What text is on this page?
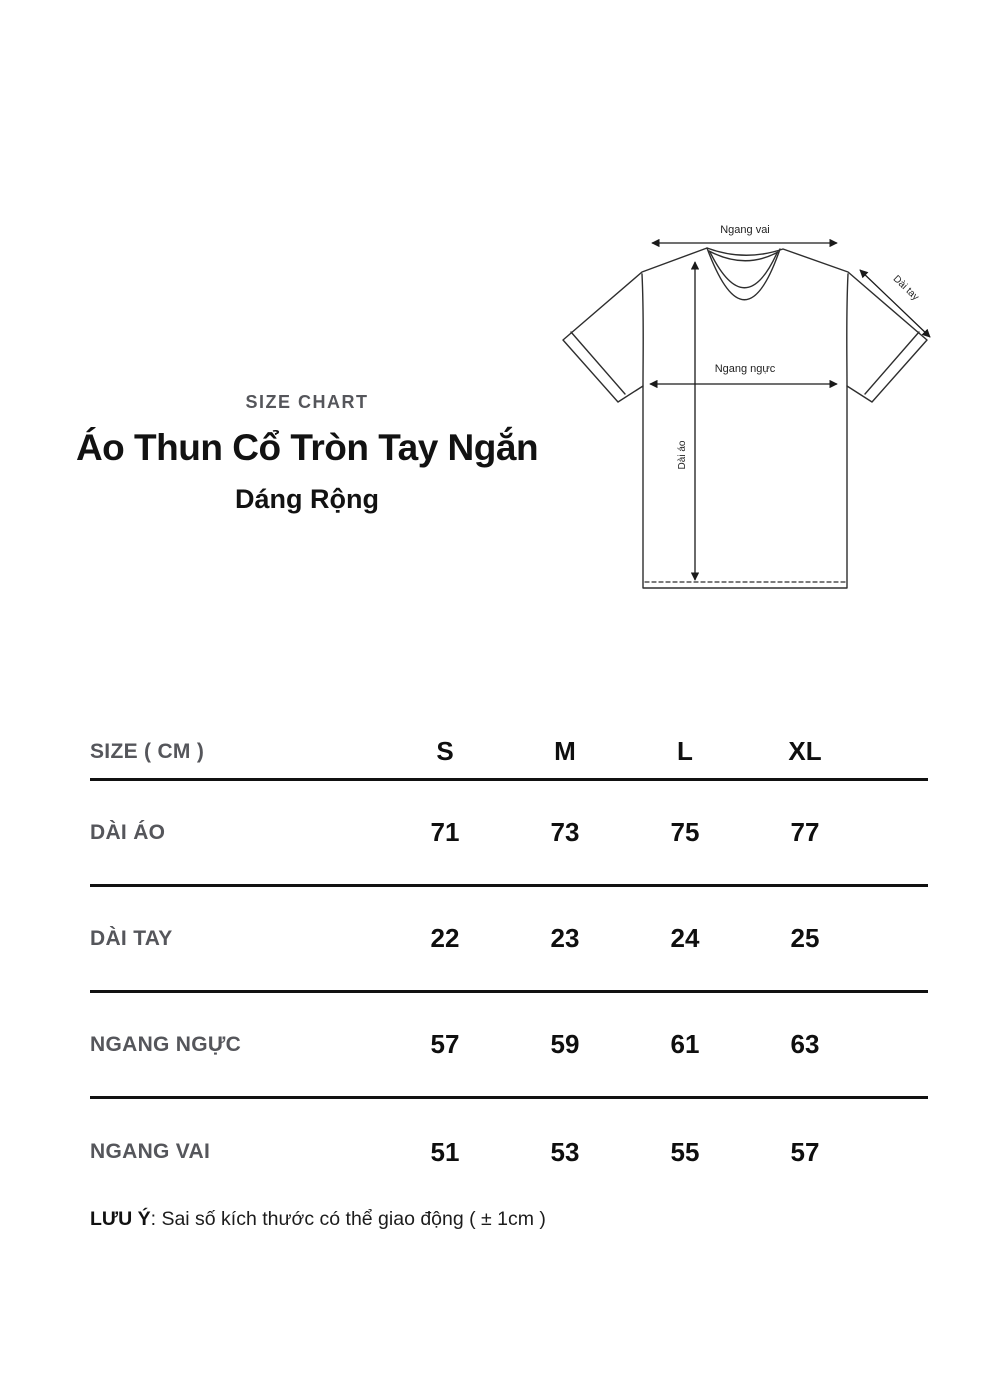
SIZE CHART
Áo Thun Cổ Tròn Tay Ngắn
Dáng Rộng
Ngang vai
Ngang ngực
Dài áo
Dài tay
SIZE ( CM )	S	M	L	XL
DÀI ÁO	71	73	75	77
DÀI TAY	22	23	24	25
NGANG NGỰC	57	59	61	63
NGANG VAI	51	53	55	57

LƯU Ý: Sai số kích thước có thể giao động ( ± 1cm )
